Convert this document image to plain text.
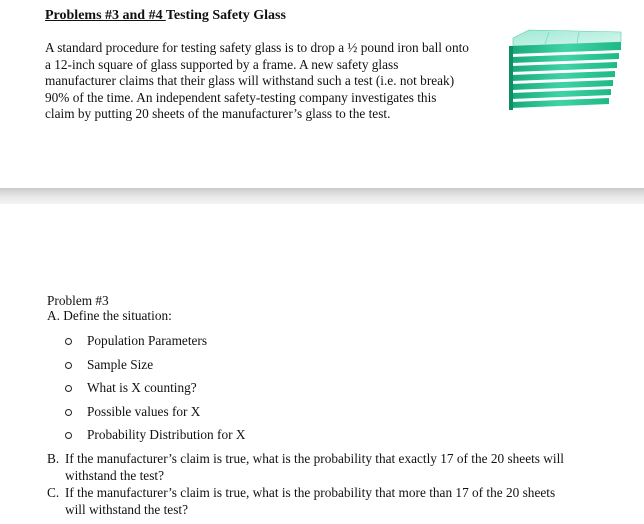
Problems #3 and #4 Testing Safety Glass
A standard procedure for testing safety glass is to drop a ½ pound iron ball onto
a 12-inch square of glass supported by a frame. A new safety glass
manufacturer claims that their glass will withstand such a test (i.e. not break)
90% of the time. An independent safety-testing company investigates this
claim by putting 20 sheets of the manufacturer’s glass to the test.
Problem #3
A. Define the situation:
Population Parameters
Sample Size
What is X counting?
Possible values for X
Probability Distribution for X
B. If the manufacturer’s claim is true, what is the probability that exactly 17 of the 20 sheets will
withstand the test?
C. If the manufacturer’s claim is true, what is the probability that more than 17 of the 20 sheets
will withstand the test?
